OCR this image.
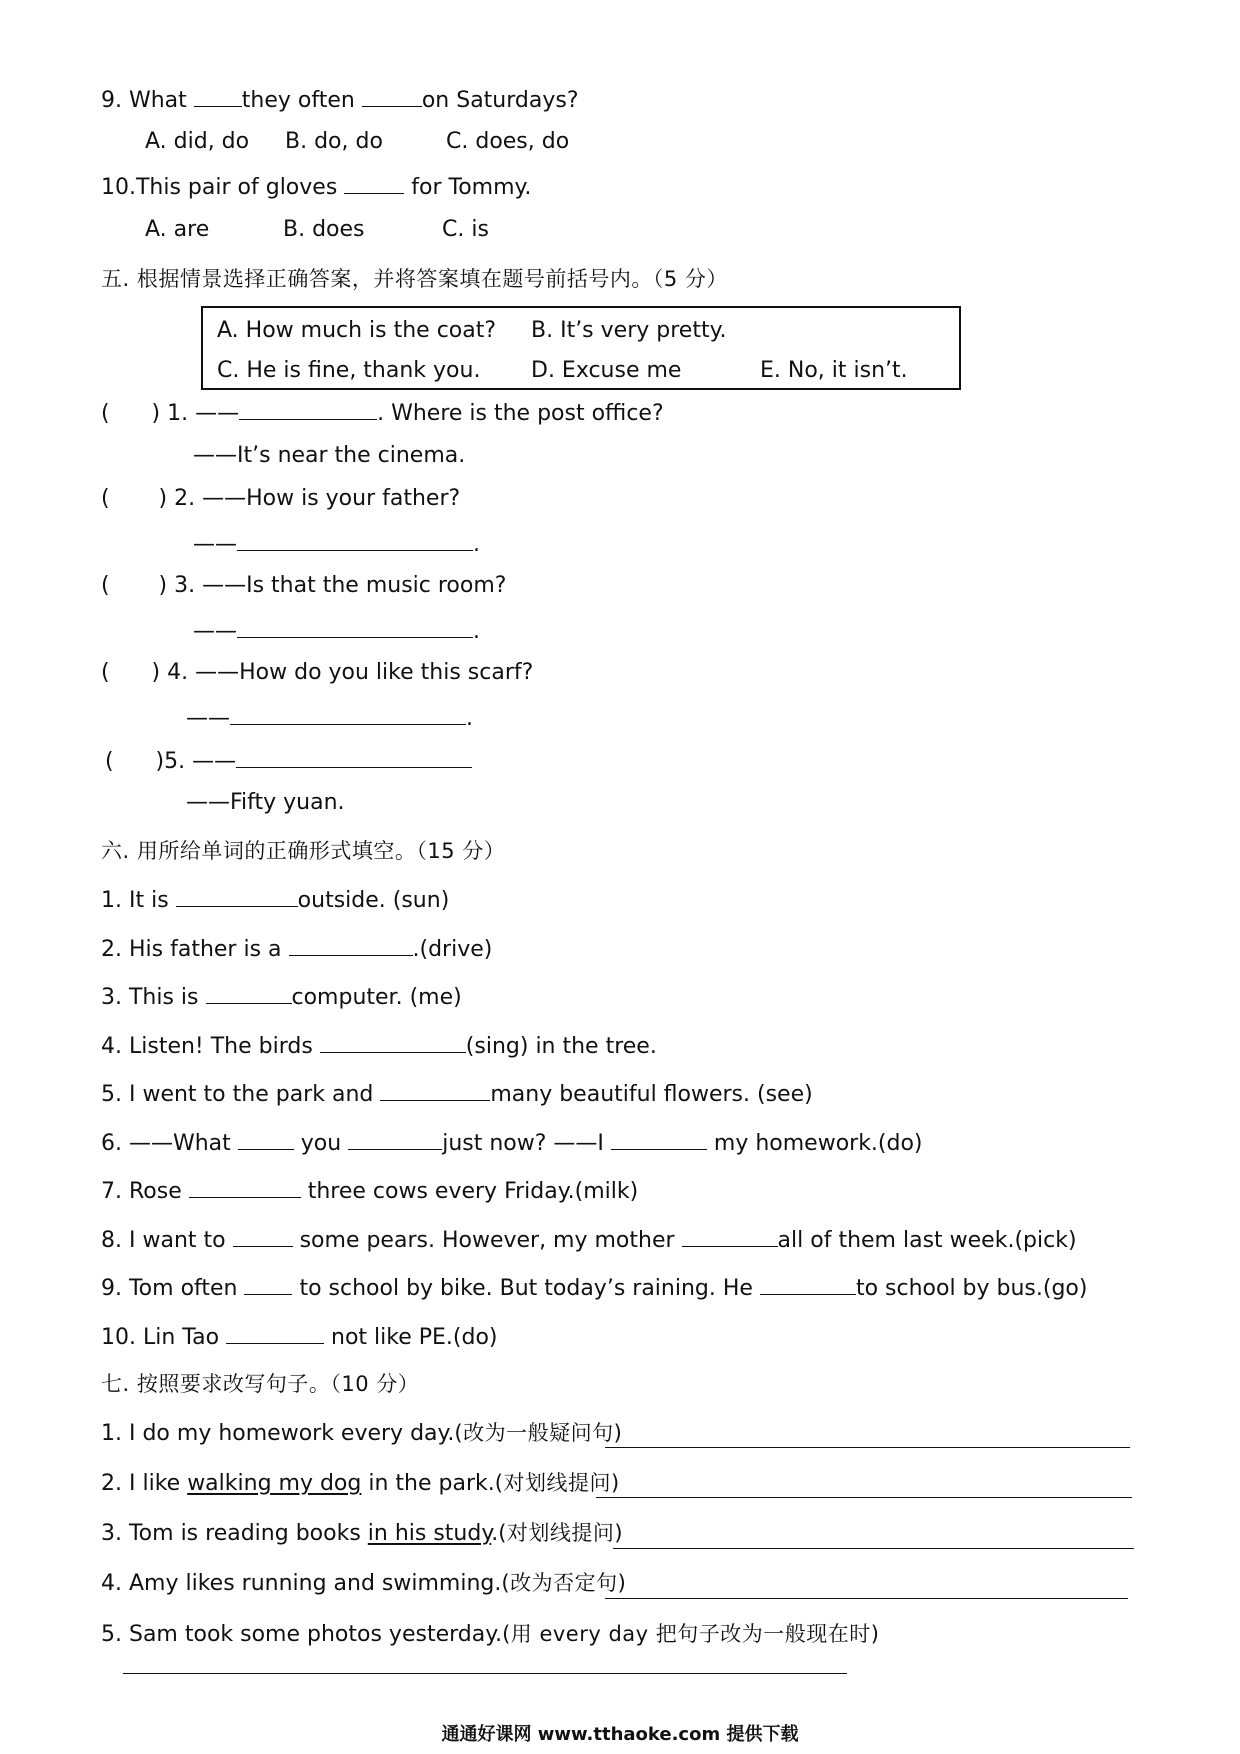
9. What they often	on Saturdays?
A. did, do B. do, do	C. does, do
10.This pair of gloves	for Tommy.
A. are	B. does	C. is
五. 根据情景选择正确答案，并将答案填在题号前括号内。（5 分）
A. How much is the coat? B. It’s very pretty.
C. He is fine, thank you. D. Excuse me	E. No, it isn’t.
(      ) 1. ——	. Where is the post office?
——It’s near the cinema.
(       ) 2. ——How is your father?
——	.
(       ) 3. ——Is that the music room?
——	.
(      ) 4. ——How do you like this scarf?
——	.
(      )5. ——
——Fifty yuan.
六. 用所给单词的正确形式填空。（15 分）
1. It is	outside. (sun)
2. His father is a	.(drive)
3. This is	computer. (me)
4. Listen! The birds	(sing) in the tree.
5. I went to the park and	many beautiful flowers. (see)
6. ——What	you	just now? ——I	my homework.(do)
7. Rose	three cows every Friday.(milk)
8. I want to	some pears. However, my mother	all of them last week.(pick)
9. Tom often  to school by bike. But today’s raining. He	to school by bus.(go)
10. Lin Tao	not like PE.(do)
七. 按照要求改写句子。（10 分）
1. I do my homework every day.(改为一般疑问句)
2. I like walking my dog in the park.(对划线提问)
3. Tom is reading books in his study.(对划线提问)
4. Amy likes running and swimming.(改为否定句)
5. Sam took some photos yesterday.(用 every day 把句子改为一般现在时)
通通好课网 www.tthaoke.com 提供下载
